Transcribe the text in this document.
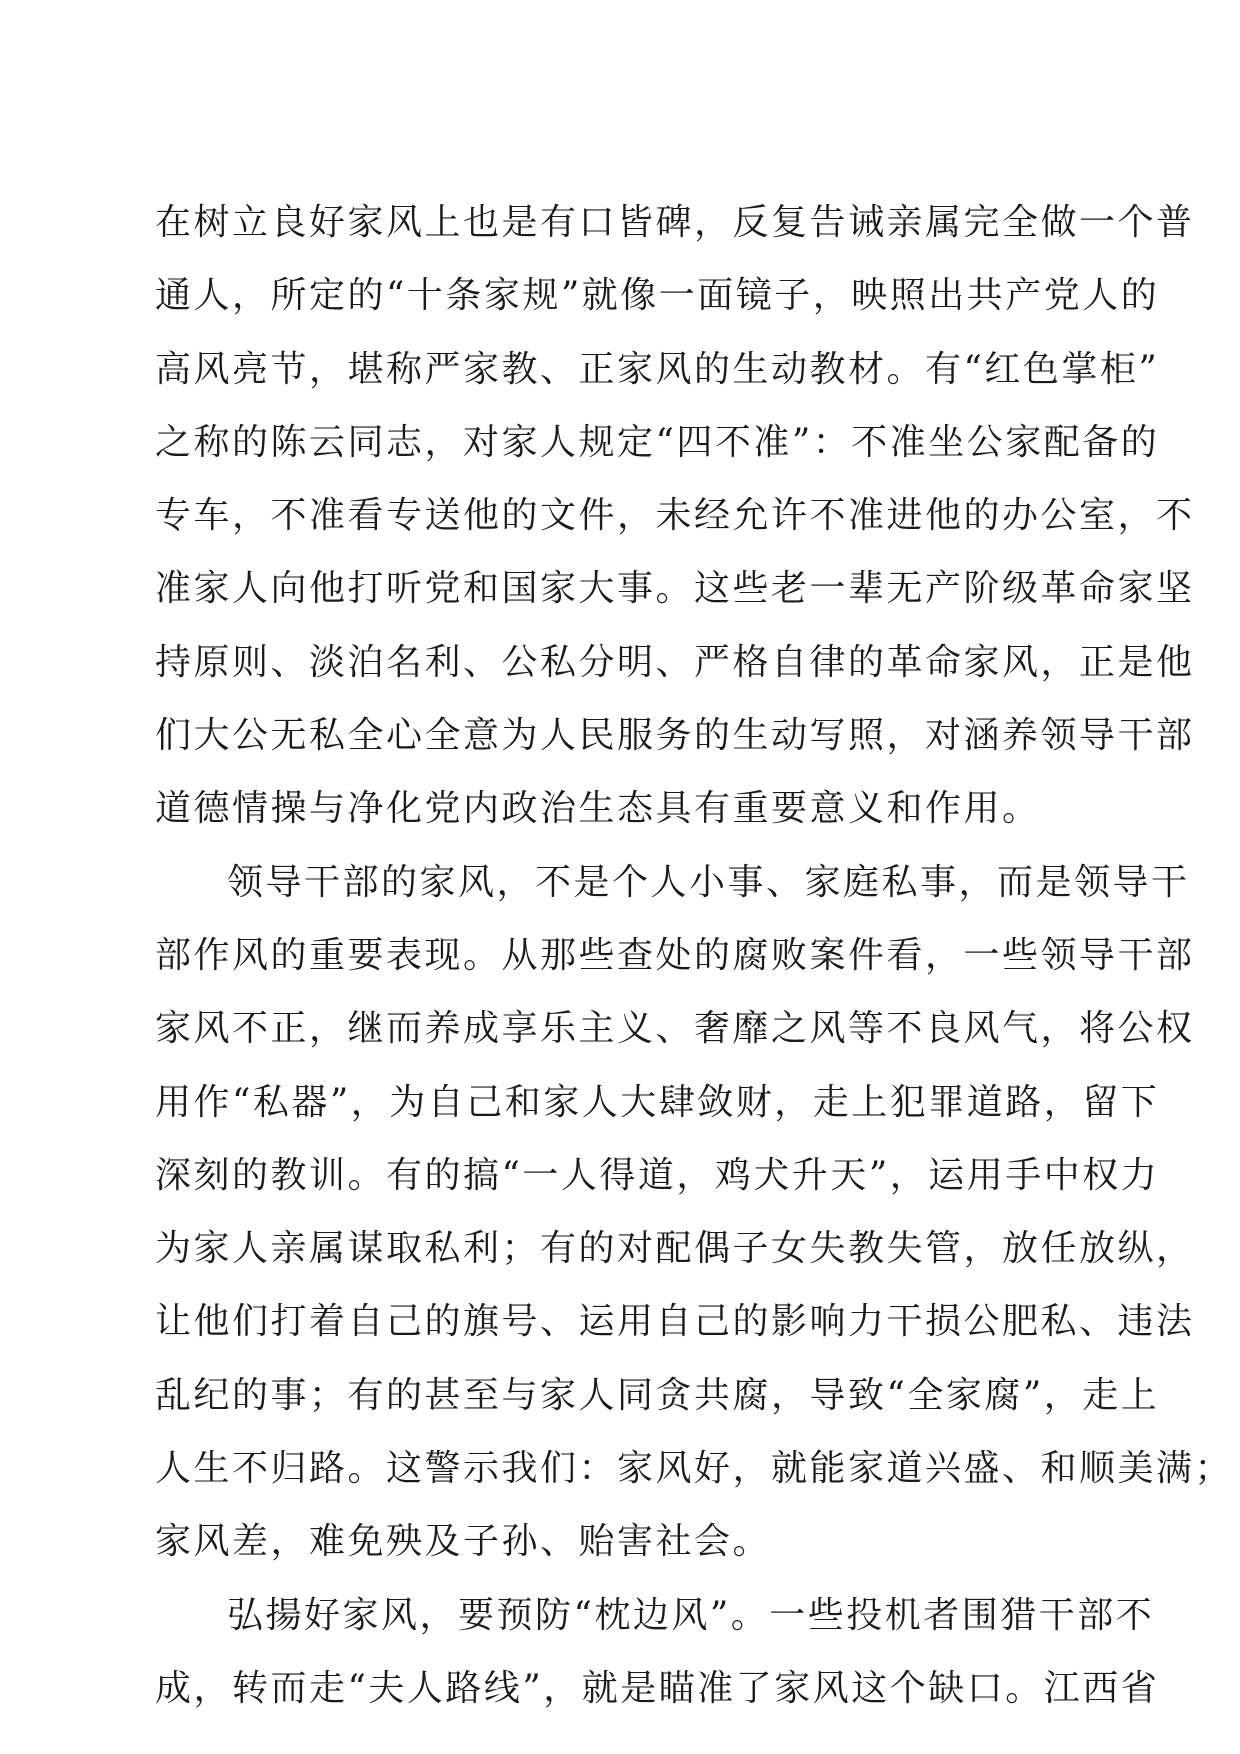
在树立良好家风上也是有口皆碑，反复告诫亲属完全做一个普
通人，所定的“十条家规”就像一面镜子，映照出共产党人的
高风亮节，堪称严家教、正家风的生动教材。有“红色掌柜”
之称的陈云同志，对家人规定“四不准”：不准坐公家配备的
专车，不准看专送他的文件，未经允许不准进他的办公室，不
准家人向他打听党和国家大事。这些老一辈无产阶级革命家坚
持原则、淡泊名利、公私分明、严格自律的革命家风，正是他
们大公无私全心全意为人民服务的生动写照，对涵养领导干部
道德情操与净化党内政治生态具有重要意义和作用。
领导干部的家风，不是个人小事、家庭私事，而是领导干
部作风的重要表现。从那些查处的腐败案件看，一些领导干部
家风不正，继而养成享乐主义、奢靡之风等不良风气，将公权
用作“私器”，为自己和家人大肆敛财，走上犯罪道路，留下
深刻的教训。有的搞“一人得道，鸡犬升天”，运用手中权力
为家人亲属谋取私利；有的对配偶子女失教失管，放任放纵，
让他们打着自己的旗号、运用自己的影响力干损公肥私、违法
乱纪的事；有的甚至与家人同贪共腐，导致“全家腐”，走上
人生不归路。这警示我们：家风好，就能家道兴盛、和顺美满；
家风差，难免殃及子孙、贻害社会。
弘揚好家风，要预防“枕边风”。一些投机者围猎干部不
成，转而走“夫人路线”，就是瞄准了家风这个缺口。江西省
